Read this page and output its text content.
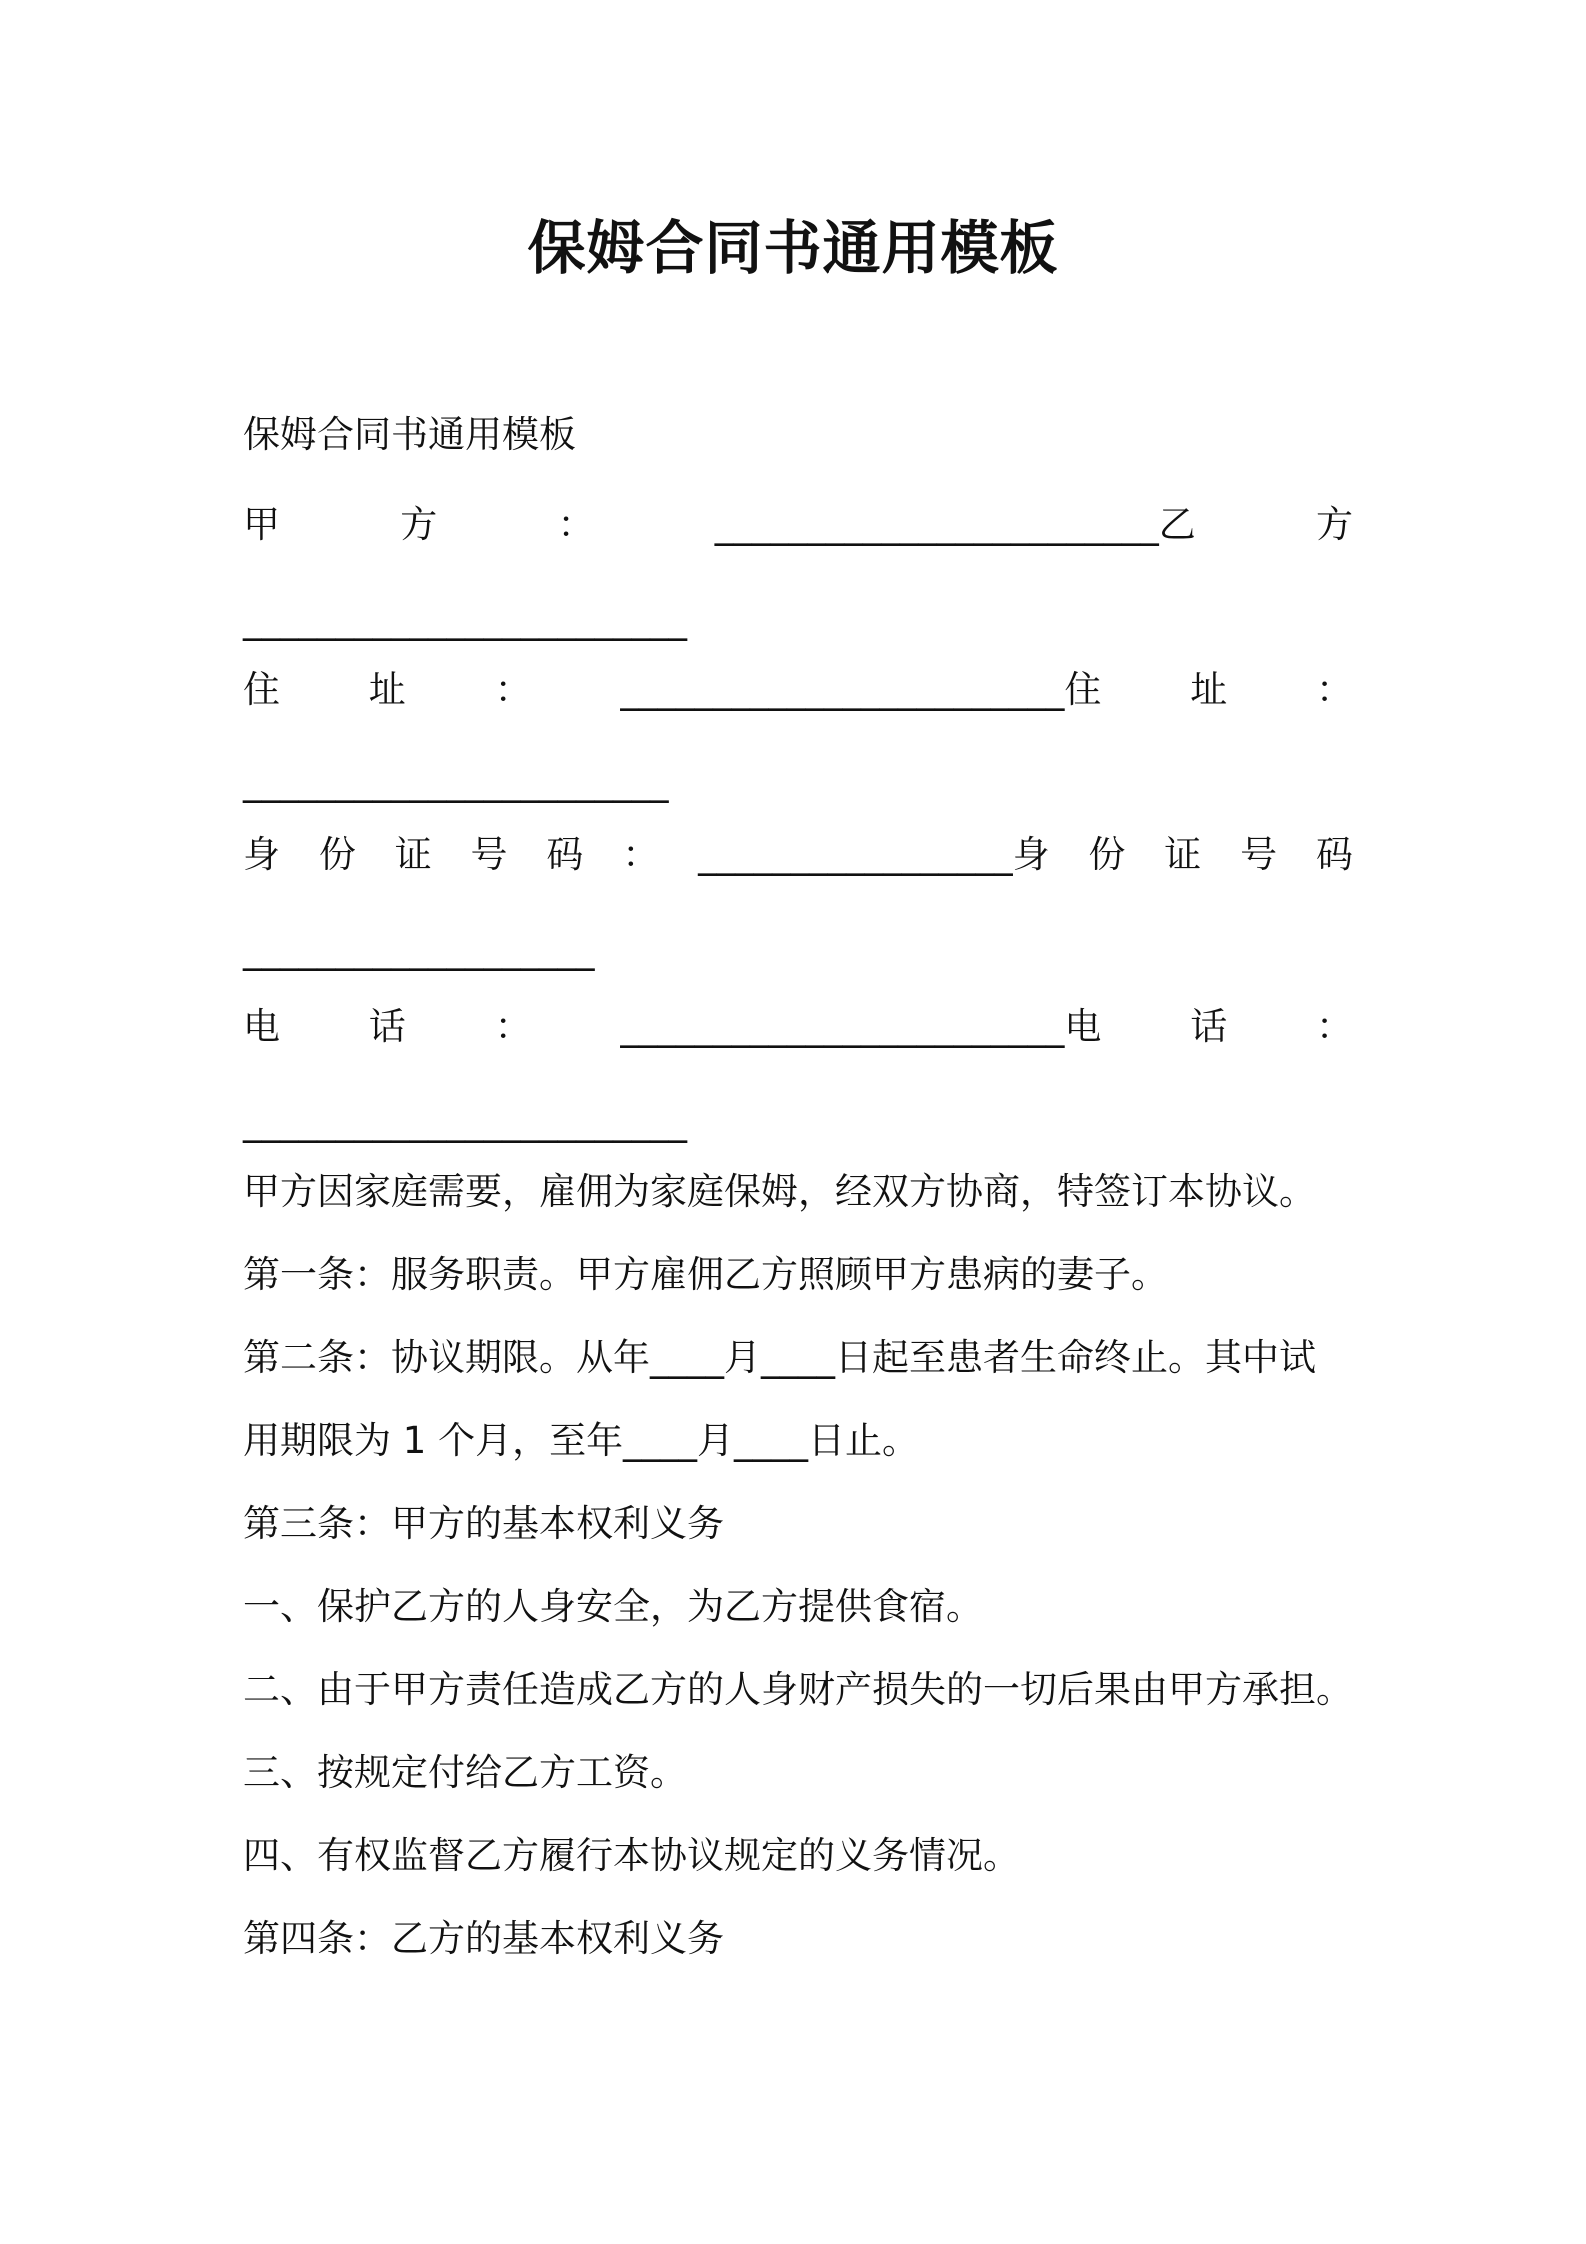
保姆合同书通用模板
保姆合同书通用模板
甲	方	：	________________________乙	方
________________________
住 址 ： ________________________住 址 ：
_______________________
身 份 证 号 码 ： _________________身 份 证 号 码
___________________
电 话 ： ________________________电 话 ：
________________________
甲方因家庭需要，雇佣为家庭保姆，经双方协商，特签订本协议。
第一条：服务职责。甲方雇佣乙方照顾甲方患病的妻子。
第二条：协议期限。从年____月____日起至患者生命终止。其中试
用期限为 1 个月，至年____月____日止。
第三条：甲方的基本权利义务
一、保护乙方的人身安全，为乙方提供食宿。
二、由于甲方责任造成乙方的人身财产损失的一切后果由甲方承担。
三、按规定付给乙方工资。
四、有权监督乙方履行本协议规定的义务情况。
第四条：乙方的基本权利义务
